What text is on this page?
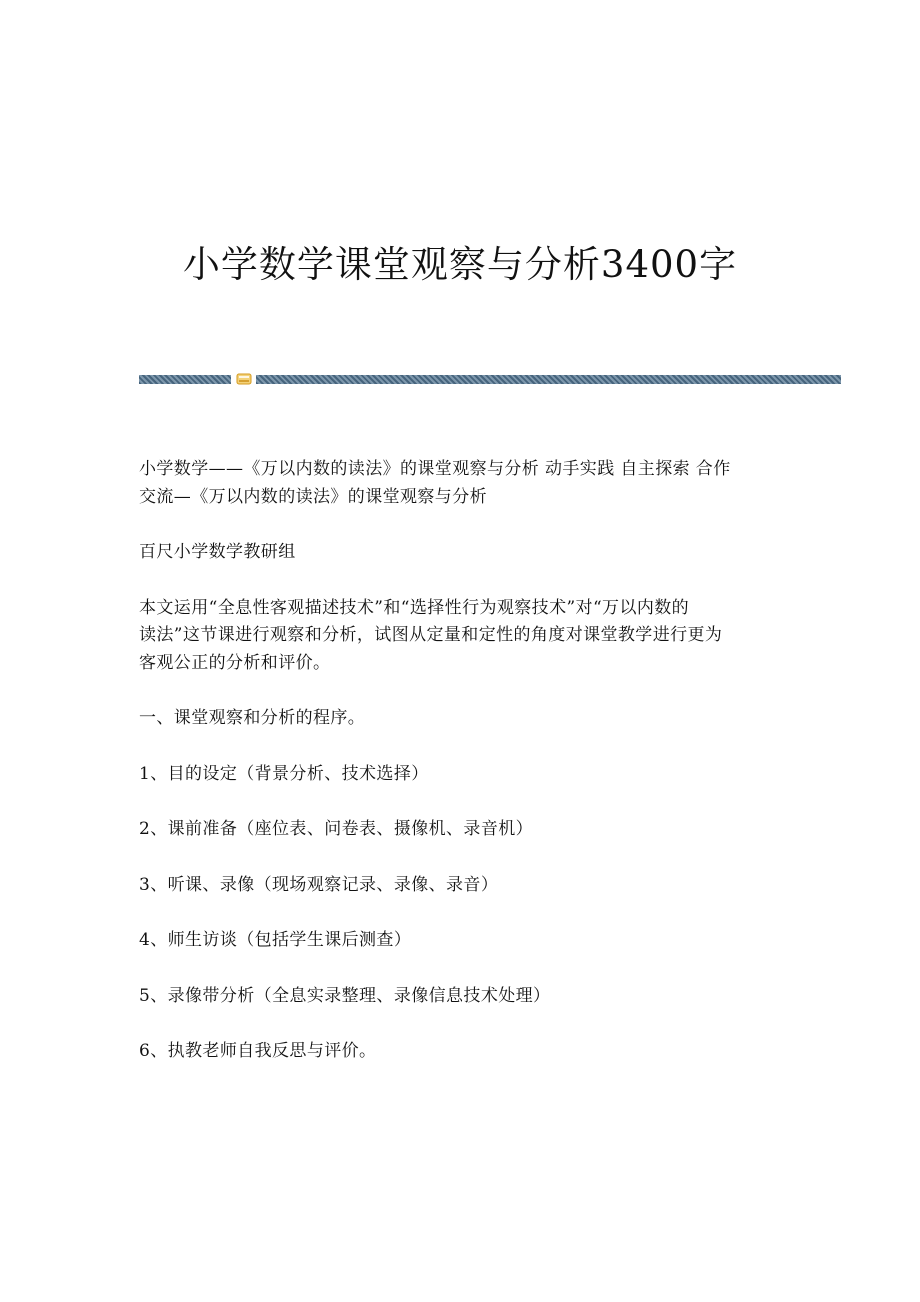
小学数学课堂观察与分析3400字

小学数学——《万以内数的读法》的课堂观察与分析 动手实践 自主探索 合作
交流—《万以内数的读法》的课堂观察与分析

百尺小学数学教研组

本文运用“全息性客观描述技术”和“选择性行为观察技术”对“万以内数的
读法”这节课进行观察和分析，试图从定量和定性的角度对课堂教学进行更为
客观公正的分析和评价。

一、课堂观察和分析的程序。

1、目的设定（背景分析、技术选择）

2、课前准备（座位表、问卷表、摄像机、录音机）

3、听课、录像（现场观察记录、录像、录音）

4、师生访谈（包括学生课后测查）

5、录像带分析（全息实录整理、录像信息技术处理）

6、执教老师自我反思与评价。
